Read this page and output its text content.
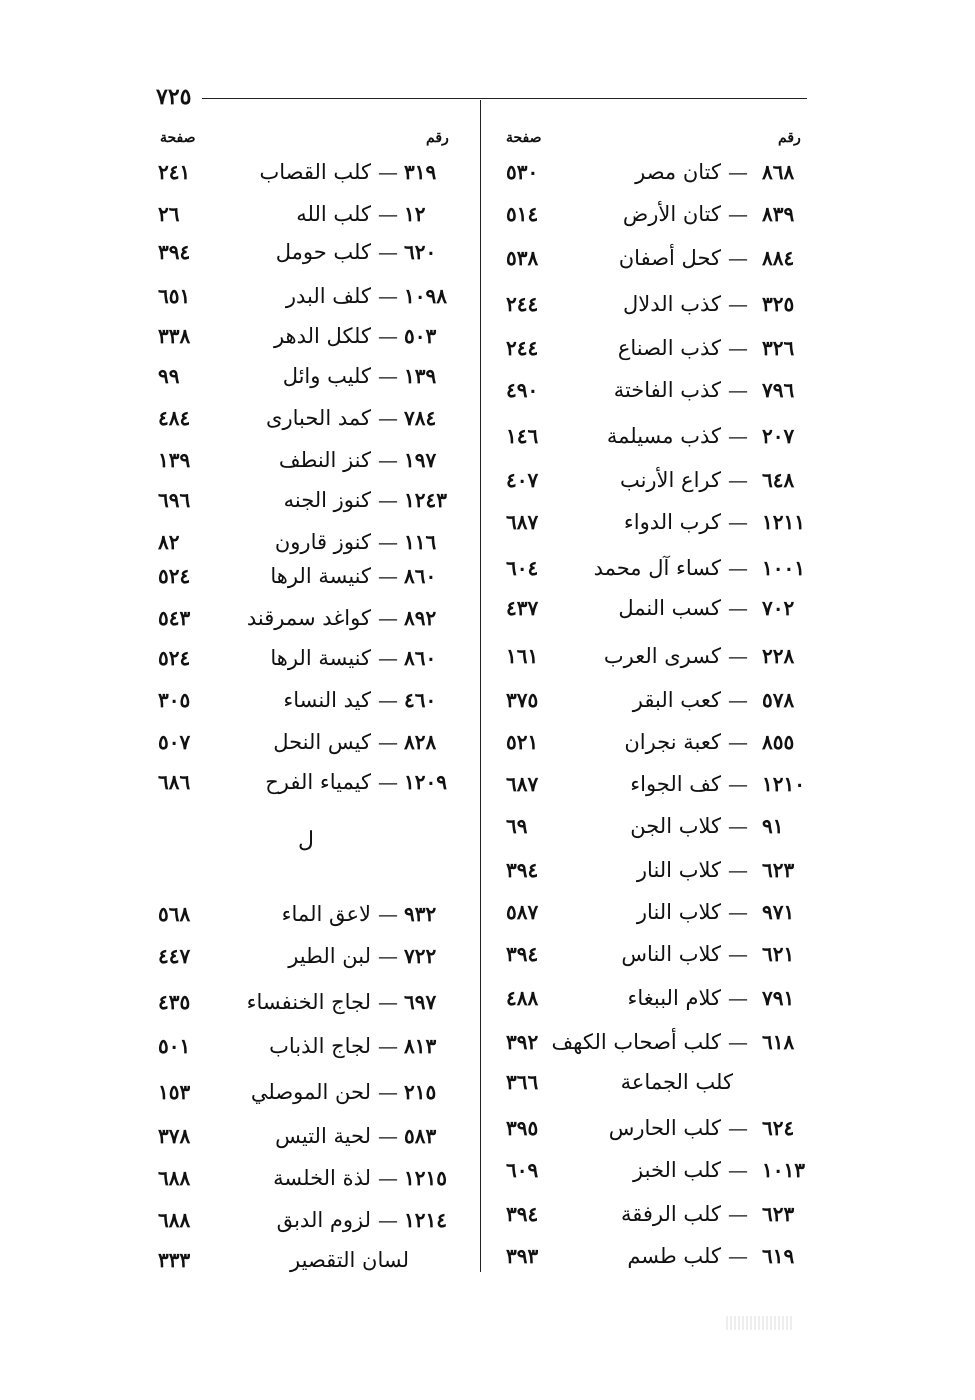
٧٢٥
رقم
صفحة
رقم
صفحة
٨٦٨
—
كتان مصر
٥٣٠
٨٣٩
—
كتان الأرض
٥١٤
٨٨٤
—
كحل أصفان
٥٣٨
٣٢٥
—
كذب الدلال
٢٤٤
٣٢٦
—
كذب الصناع
٢٤٤
٧٩٦
—
كذب الفاختة
٤٩٠
٢٠٧
—
كذب مسيلمة
١٤٦
٦٤٨
—
كراع الأرنب
٤٠٧
١٢١١
—
كرب الدواء
٦٨٧
١٠٠١
—
كساء آل محمد
٦٠٤
٧٠٢
—
كسب النمل
٤٣٧
٢٢٨
—
كسرى العرب
١٦١
٥٧٨
—
كعب البقر
٣٧٥
٨٥٥
—
كعبة نجران
٥٢١
١٢١٠
—
كف الجواء
٦٨٧
٩١
—
كلاب الجن
٦٩
٦٢٣
—
كلاب النار
٣٩٤
٩٧١
—
كلاب النار
٥٨٧
٦٢١
—
كلاب الناس
٣٩٤
٧٩١
—
كلام الببغاء
٤٨٨
٦١٨
—
كلب أصحاب الكهف
٣٩٢
كلب الجماعة
٣٦٦
٦٢٤
—
كلب الحارس
٣٩٥
١٠١٣
—
كلب الخبز
٦٠٩
٦٢٣
—
كلب الرفقة
٣٩٤
٦١٩
—
كلب طسم
٣٩٣
٣١٩
—
كلب القصاب
٢٤١
١٢
—
كلب الله
٢٦
٦٢٠
—
كلب حومل
٣٩٤
١٠٩٨
—
كلف البدر
٦٥١
٥٠٣
—
كلكل الدهر
٣٣٨
١٣٩
—
كليب وائل
٩٩
٧٨٤
—
كمد الحبارى
٤٨٤
١٩٧
—
كنز النطف
١٣٩
١٢٤٣
—
كنوز الجنه
٦٩٦
١١٦
—
كنوز قارون
٨٢
٨٦٠
—
كنيسة الرها
٥٢٤
٨٩٢
—
كواغد سمرقند
٥٤٣
٨٦٠
—
كنيسة الرها
٥٢٤
٤٦٠
—
كيد النساء
٣٠٥
٨٢٨
—
كيس النحل
٥٠٧
١٢٠٩
—
كيمياء الفرح
٦٨٦
٩٣٢
—
لاعق الماء
٥٦٨
٧٢٢
—
لبن الطير
٤٤٧
٦٩٧
—
لجاج الخنفساء
٤٣٥
٨١٣
—
لجاج الذباب
٥٠١
٢١٥
—
لحن الموصلي
١٥٣
٥٨٣
—
لحية التيس
٣٧٨
١٢١٥
—
لذة الخلسة
٦٨٨
١٢١٤
—
لزوم الدبق
٦٨٨
لسان التقصير
٣٣٣
ل
